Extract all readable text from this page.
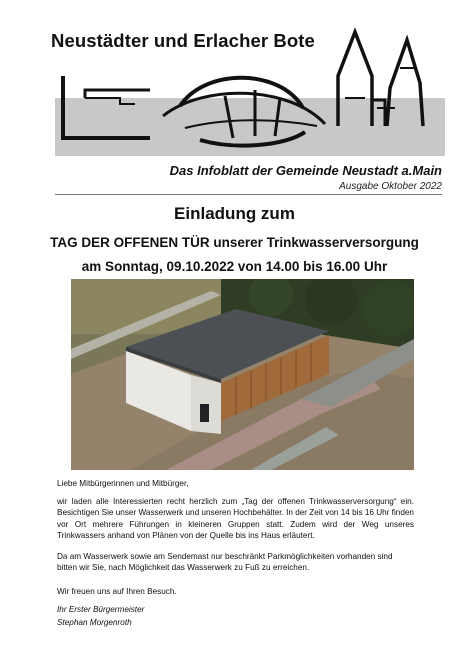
Neustädter und Erlacher Bote
Das Infoblatt der Gemeinde Neustadt a.Main
Ausgabe Oktober 2022
Einladung zum
TAG DER OFFENEN TÜR unserer Trinkwasserversorgung
am Sonntag, 09.10.2022 von 14.00 bis 16.00 Uhr
Liebe Mitbürgerinnen und Mitbürger,
wir laden alle Interessierten recht herzlich zum „Tag der offenen Trinkwasserversorgung“ ein. Besichtigen Sie unser Wasserwerk und unseren Hochbehälter. In der Zeit von 14 bis 16 Uhr finden vor Ort mehrere Führungen in kleineren Gruppen statt. Zudem wird der Weg unseres Trinkwassers anhand von Plänen von der Quelle bis ins Haus erläutert.
Da am Wasserwerk sowie am Sendemast nur beschränkt Parkmöglichkeiten vorhanden sind bitten wir Sie, nach Möglichkeit das Wasserwerk zu Fuß zu erreichen.
Wir freuen uns auf Ihren Besuch.
Ihr Erster Bürgermeister
Stephan Morgenroth
